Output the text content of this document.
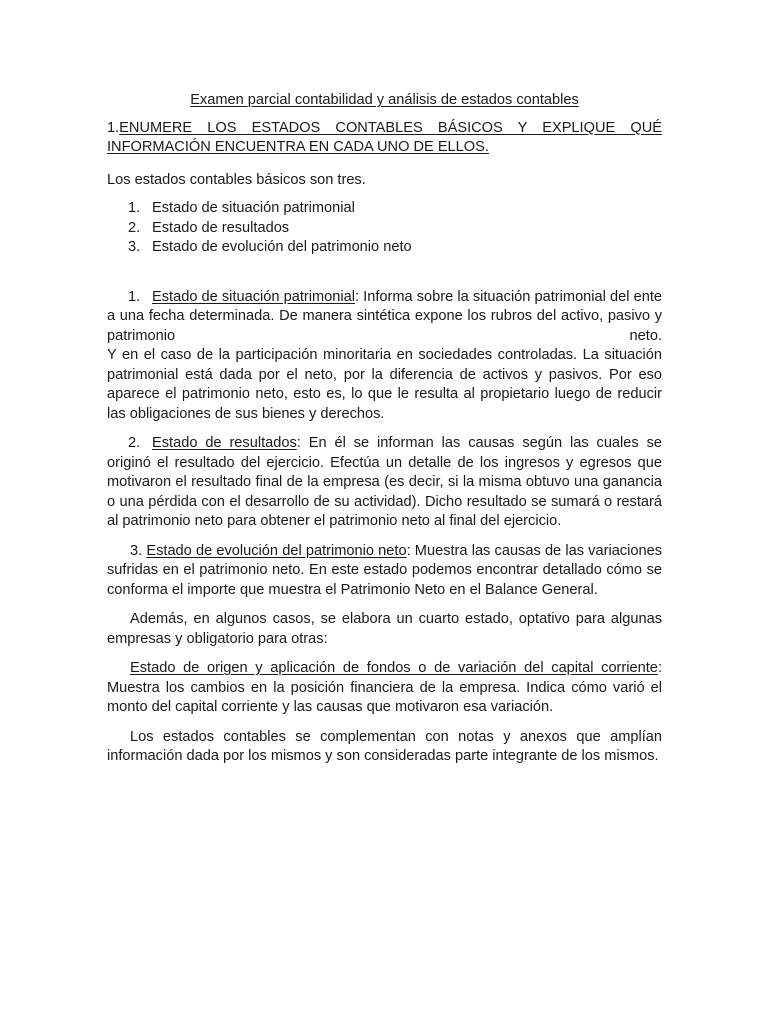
Examen parcial contabilidad y análisis de estados contables

1.ENUMERE LOS ESTADOS CONTABLES BÁSICOS Y EXPLIQUE QUÉ INFORMACIÓN ENCUENTRA EN CADA UNO DE ELLOS.

Los estados contables básicos son tres.

1. Estado de situación patrimonial
2. Estado de resultados
3. Estado de evolución del patrimonio neto

1. Estado de situación patrimonial: Informa sobre la situación patrimonial del ente a una fecha determinada. De manera sintética expone los rubros del activo, pasivo y patrimonio neto.
Y en el caso de la participación minoritaria en sociedades controladas. La situación patrimonial está dada por el neto, por la diferencia de activos y pasivos. Por eso aparece el patrimonio neto, esto es, lo que le resulta al propietario luego de reducir las obligaciones de sus bienes y derechos.

2. Estado de resultados: En él se informan las causas según las cuales se originó el resultado del ejercicio. Efectúa un detalle de los ingresos y egresos que motivaron el resultado final de la empresa (es decir, si la misma obtuvo una ganancia o una pérdida con el desarrollo de su actividad). Dicho resultado se sumará o restará al patrimonio neto para obtener el patrimonio neto al final del ejercicio.

3. Estado de evolución del patrimonio neto: Muestra las causas de las variaciones sufridas en el patrimonio neto. En este estado podemos encontrar detallado cómo se conforma el importe que muestra el Patrimonio Neto en el Balance General.

Además, en algunos casos, se elabora un cuarto estado, optativo para algunas empresas y obligatorio para otras:

Estado de origen y aplicación de fondos o de variación del capital corriente: Muestra los cambios en la posición financiera de la empresa. Indica cómo varió el monto del capital corriente y las causas que motivaron esa variación.

Los estados contables se complementan con notas y anexos que amplían información dada por los mismos y son consideradas parte integrante de los mismos.
